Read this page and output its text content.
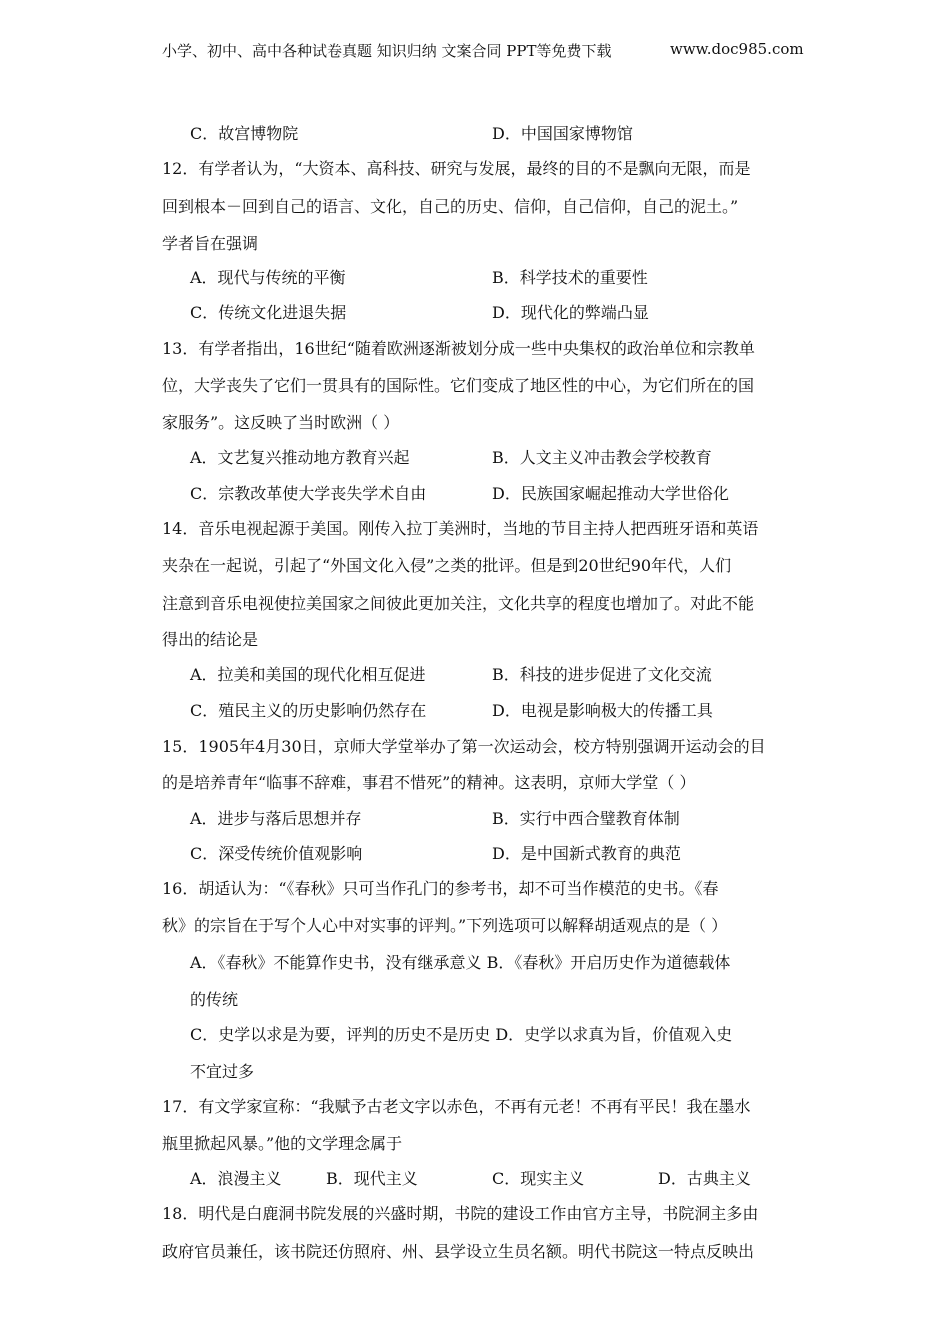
小学、初中、高中各种试卷真题 知识归纳 文案合同 PPT等免费下载	www.doc985.com
C．故宫博物院	D．中国国家博物馆
12．有学者认为，“大资本、高科技、研究与发展，最终的目的不是飘向无限，而是
回到根本－回到自己的语言、文化，自己的历史、信仰，自己信仰，自己的泥土。”
学者旨在强调
A．现代与传统的平衡	B．科学技术的重要性
C．传统文化进退失据	D．现代化的弊端凸显
13．有学者指出，16世纪“随着欧洲逐渐被划分成一些中央集权的政治单位和宗教单
位，大学丧失了它们一贯具有的国际性。它们变成了地区性的中心，为它们所在的国
家服务”。这反映了当时欧洲（ ）
A．文艺复兴推动地方教育兴起	B．人文主义冲击教会学校教育
C．宗教改革使大学丧失学术自由	D．民族国家崛起推动大学世俗化
14．音乐电视起源于美国。刚传入拉丁美洲时，当地的节目主持人把西班牙语和英语
夹杂在一起说，引起了“外国文化入侵”之类的批评。但是到20世纪90年代，人们
注意到音乐电视使拉美国家之间彼此更加关注，文化共享的程度也增加了。对此不能
得出的结论是
A．拉美和美国的现代化相互促进	B．科技的进步促进了文化交流
C．殖民主义的历史影响仍然存在	D．电视是影响极大的传播工具
15．1905年4月30日，京师大学堂举办了第一次运动会，校方特别强调开运动会的目
的是培养青年“临事不辞难，事君不惜死”的精神。这表明，京师大学堂（ ）
A．进步与落后思想并存	B．实行中西合璧教育体制
C．深受传统价值观影响	D．是中国新式教育的典范
16．胡适认为：“《春秋》只可当作孔门的参考书，却不可当作模范的史书。《春
秋》的宗旨在于写个人心中对实事的评判。”下列选项可以解释胡适观点的是（ ）
A．《春秋》不能算作史书，没有继承意义 B．《春秋》开启历史作为道德载体
的传统
C．史学以求是为要，评判的历史不是历史 D．史学以求真为旨，价值观入史
不宜过多
17．有文学家宣称：“我赋予古老文字以赤色，不再有元老！不再有平民！我在墨水
瓶里掀起风暴。”他的文学理念属于
A．浪漫主义	B．现代主义	C．现实主义	D．古典主义
18．明代是白鹿洞书院发展的兴盛时期，书院的建设工作由官方主导，书院洞主多由
政府官员兼任，该书院还仿照府、州、县学设立生员名额。明代书院这一特点反映出
